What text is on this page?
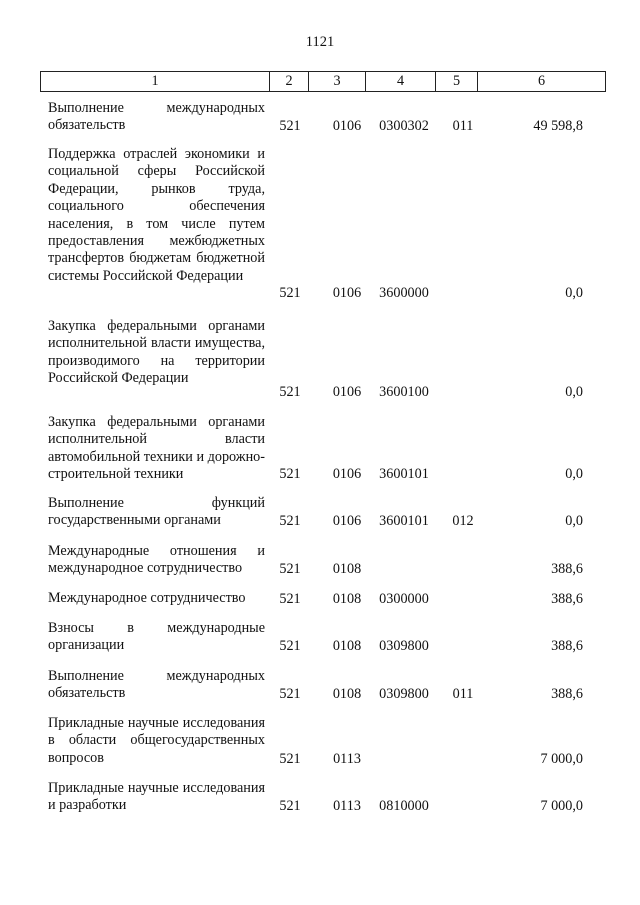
1121
1	2	3	4	5	6
Выполнение международных обязательств	521 0106 0300302	011	49 598,8
Поддержка отраслей экономики и социальной сферы Российской Федерации, рынков труда, социального обеспечения населения, в том числе путем предоставления межбюджетных трансфертов бюджетам бюджетной системы Российской Федерации
521 0106 3600000	0,0
Закупка федеральными органами исполнительной власти имущества, производимого на территории Российской Федерации
521 0106 3600100	0,0
Закупка федеральными органами исполнительной власти автомобильной техники и дорожно-строительной техники	521 0106 3600101	0,0
Выполнение функций государственными органами	521 0106 3600101	012	0,0
Международные отношения и международное сотрудничество	521 0108	388,6
Международное сотрудничество	521 0108 0300000	388,6
Взносы в международные организации	521 0108 0309800	388,6
Выполнение международных обязательств	521 0108 0309800	011	388,6
Прикладные научные исследования в области общегосударственных вопросов	521 0113	7 000,0
Прикладные научные исследования и разработки	521 0113 0810000	7 000,0
